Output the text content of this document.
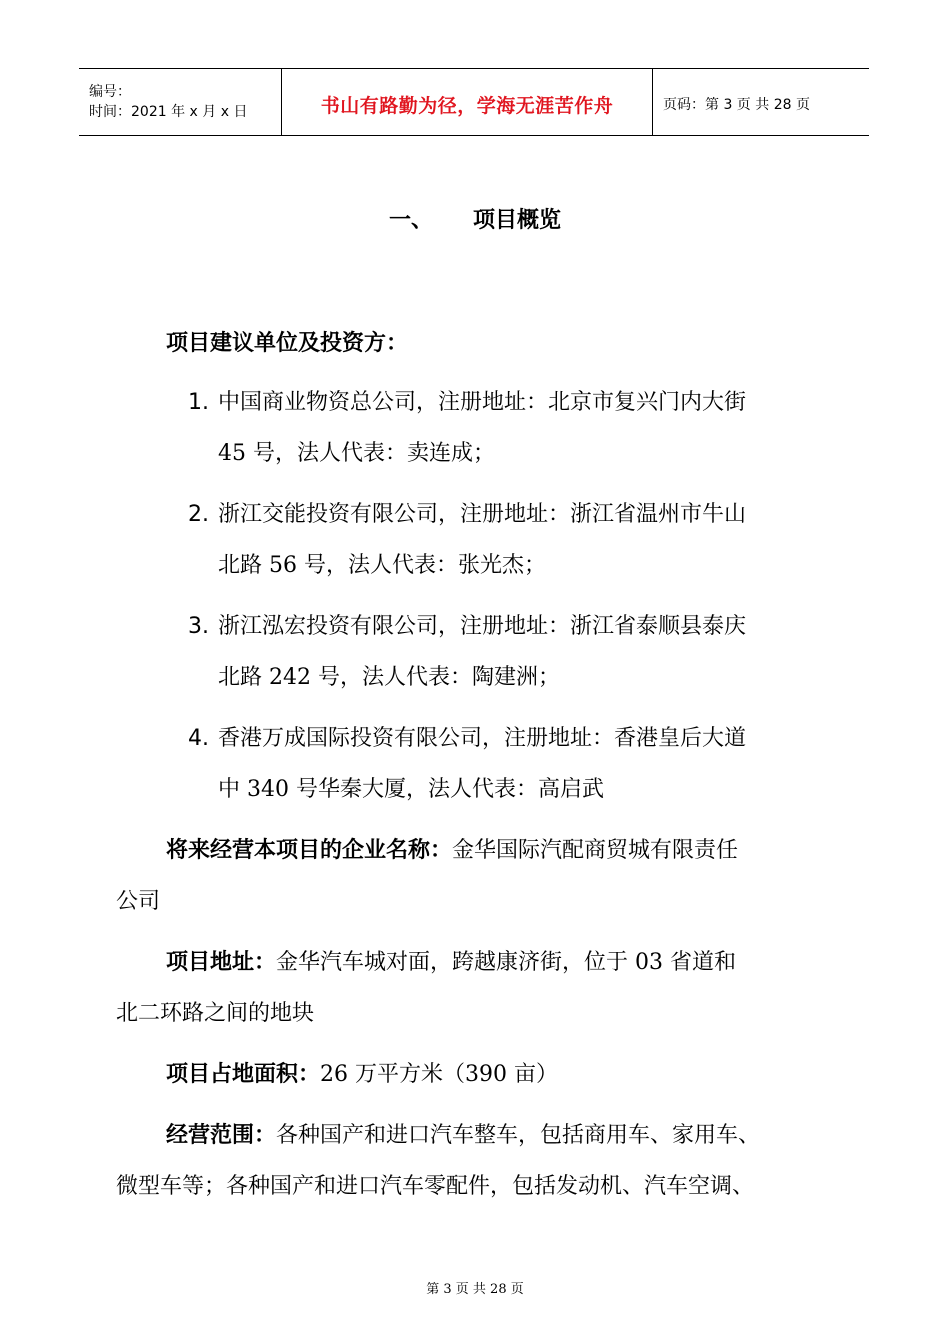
编号：
时间：2021 年 x 月 x 日	书山有路勤为径，学海无涯苦作舟	页码：第 3 页 共 28 页
一、 项目概览
项目建议单位及投资方：
1. 中国商业物资总公司，注册地址：北京市复兴门内大街
45 号，法人代表：卖连成；
2. 浙江交能投资有限公司，注册地址：浙江省温州市牛山
北路 56 号，法人代表：张光杰；
3. 浙江泓宏投资有限公司，注册地址：浙江省泰顺县泰庆
北路 242 号，法人代表：陶建洲；
4. 香港万成国际投资有限公司，注册地址：香港皇后大道
中 340 号华秦大厦，法人代表：高启武
将来经营本项目的企业名称：金华国际汽配商贸城有限责任
公司
项目地址：金华汽车城对面，跨越康济街，位于 03 省道和
北二环路之间的地块
项目占地面积：26 万平方米（390 亩）
经营范围：各种国产和进口汽车整车，包括商用车、家用车、
微型车等；各种国产和进口汽车零配件，包括发动机、汽车空调、
第 3 页 共 28 页
